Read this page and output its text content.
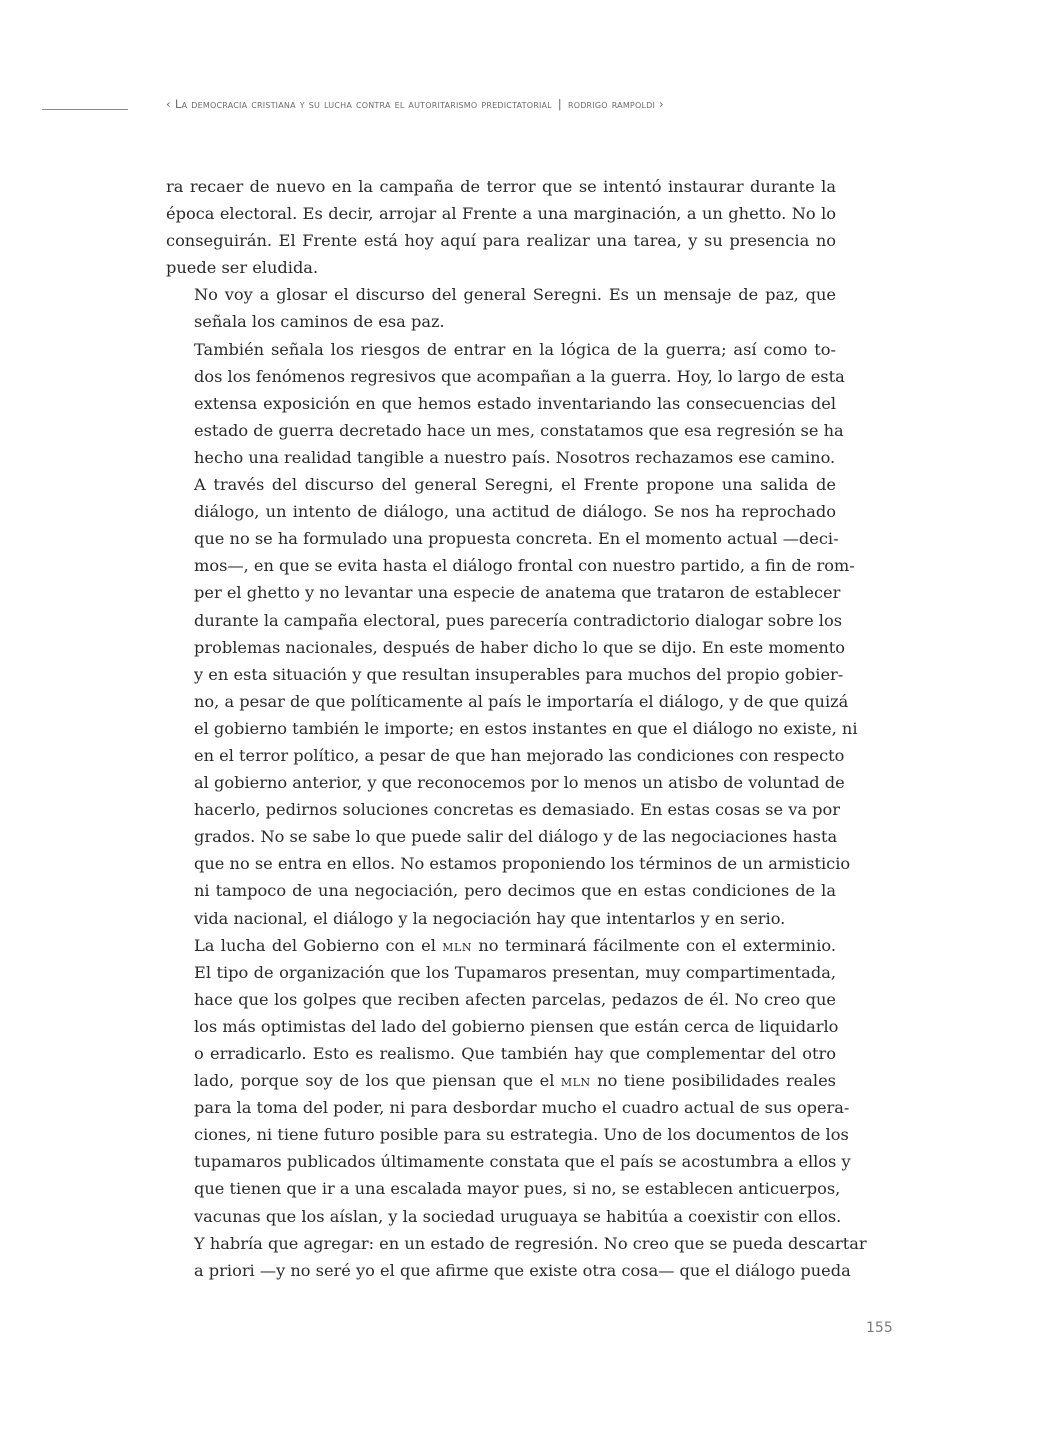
‹ La democracia cristiana y su lucha contra el autoritarismo predictatorial | rodrigo rampoldi ›

ra recaer de nuevo en la campaña de terror que se intentó instaurar durante la
época electoral. Es decir, arrojar al Frente a una marginación, a un ghetto. No lo
conseguirán. El Frente está hoy aquí para realizar una tarea, y su presencia no
puede ser eludida.

No voy a glosar el discurso del general Seregni. Es un mensaje de paz, que
señala los caminos de esa paz.

También señala los riesgos de entrar en la lógica de la guerra; así como to-
dos los fenómenos regresivos que acompañan a la guerra. Hoy, lo largo de esta
extensa exposición en que hemos estado inventariando las consecuencias del
estado de guerra decretado hace un mes, constatamos que esa regresión se ha
hecho una realidad tangible a nuestro país. Nosotros rechazamos ese camino.

A través del discurso del general Seregni, el Frente propone una salida de
diálogo, un intento de diálogo, una actitud de diálogo. Se nos ha reprochado
que no se ha formulado una propuesta concreta. En el momento actual —deci-
mos—, en que se evita hasta el diálogo frontal con nuestro partido, a fin de rom-
per el ghetto y no levantar una especie de anatema que trataron de establecer
durante la campaña electoral, pues parecería contradictorio dialogar sobre los
problemas nacionales, después de haber dicho lo que se dijo. En este momento
y en esta situación y que resultan insuperables para muchos del propio gobier-
no, a pesar de que políticamente al país le importaría el diálogo, y de que quizá
el gobierno también le importe; en estos instantes en que el diálogo no existe, ni
en el terror político, a pesar de que han mejorado las condiciones con respecto
al gobierno anterior, y que reconocemos por lo menos un atisbo de voluntad de
hacerlo, pedirnos soluciones concretas es demasiado. En estas cosas se va por
grados. No se sabe lo que puede salir del diálogo y de las negociaciones hasta
que no se entra en ellos. No estamos proponiendo los términos de un armisticio
ni tampoco de una negociación, pero decimos que en estas condiciones de la
vida nacional, el diálogo y la negociación hay que intentarlos y en serio.

La lucha del Gobierno con el mln no terminará fácilmente con el exterminio.
El tipo de organización que los Tupamaros presentan, muy compartimentada,
hace que los golpes que reciben afecten parcelas, pedazos de él. No creo que
los más optimistas del lado del gobierno piensen que están cerca de liquidarlo
o erradicarlo. Esto es realismo. Que también hay que complementar del otro
lado, porque soy de los que piensan que el mln no tiene posibilidades reales
para la toma del poder, ni para desbordar mucho el cuadro actual de sus opera-
ciones, ni tiene futuro posible para su estrategia. Uno de los documentos de los
tupamaros publicados últimamente constata que el país se acostumbra a ellos y
que tienen que ir a una escalada mayor pues, si no, se establecen anticuerpos,
vacunas que los aíslan, y la sociedad uruguaya se habitúa a coexistir con ellos.
Y habría que agregar: en un estado de regresión. No creo que se pueda descartar
a priori —y no seré yo el que afirme que existe otra cosa— que el diálogo pueda

155
